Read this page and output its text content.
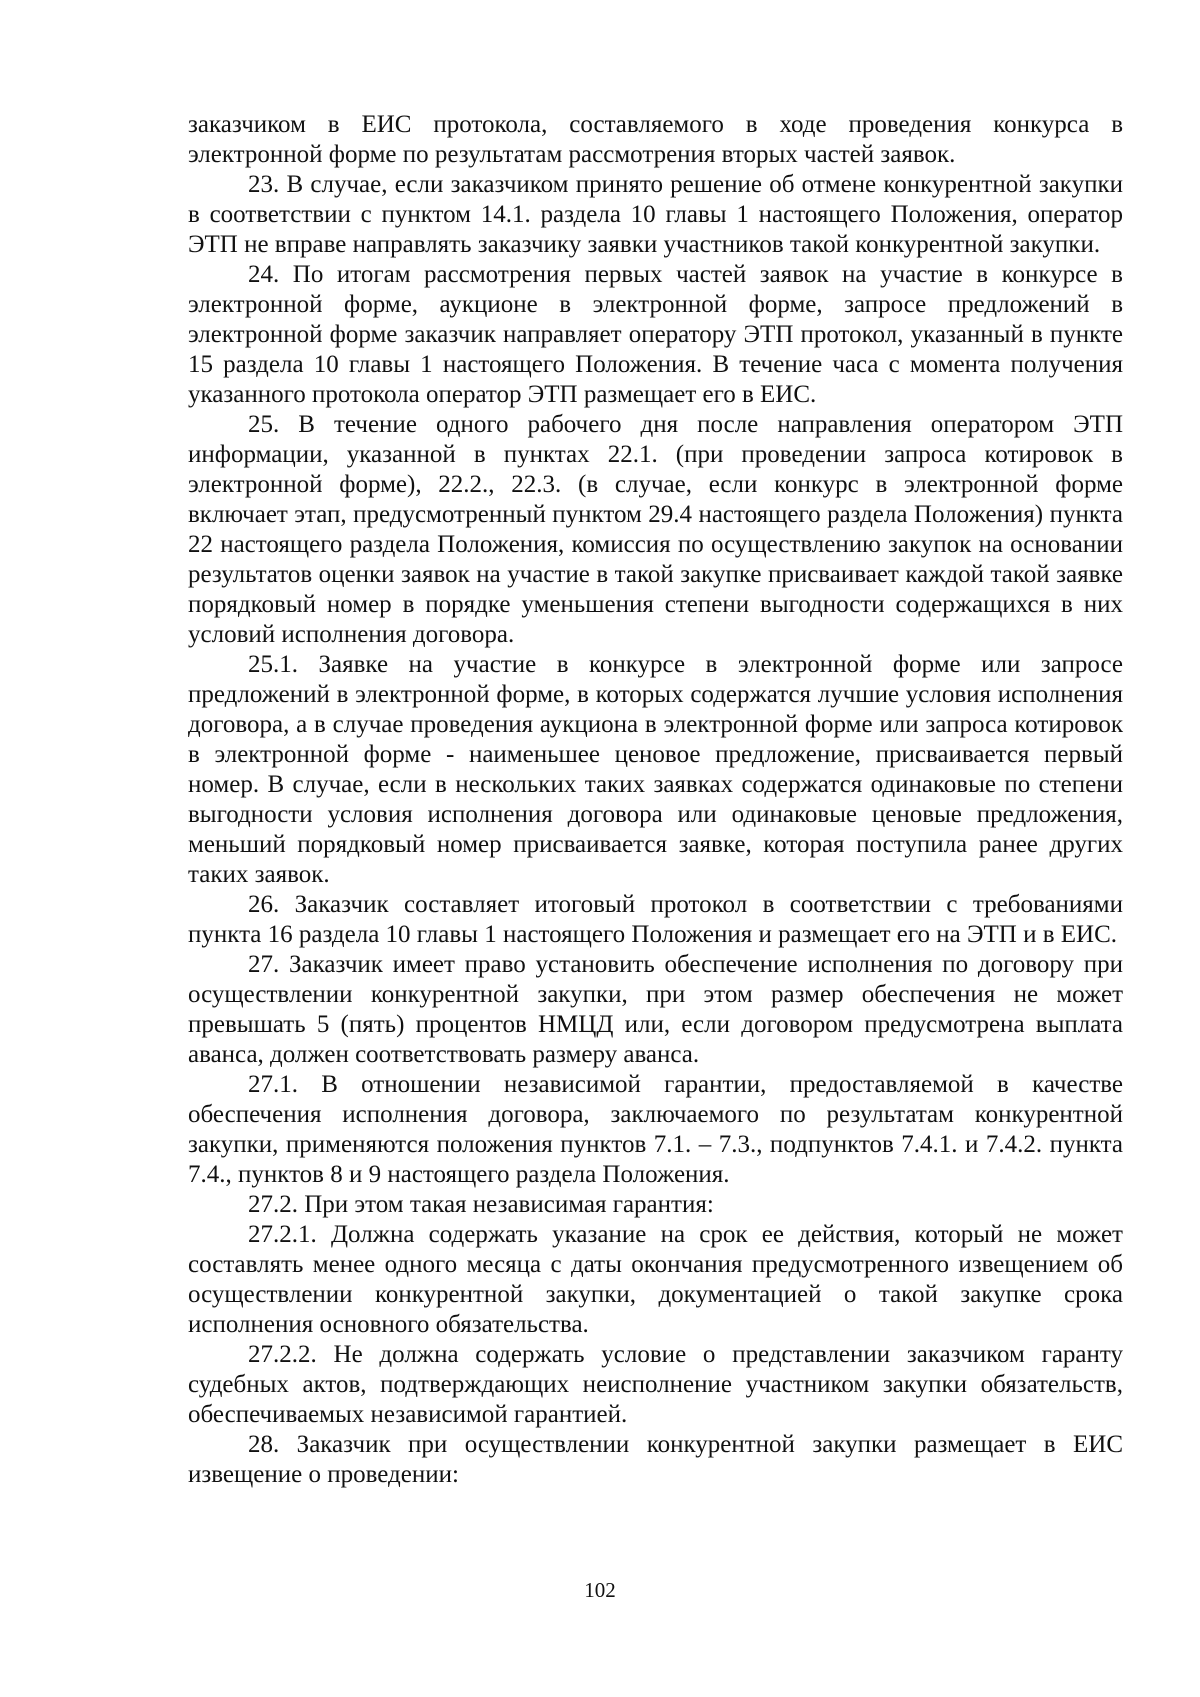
заказчиком в ЕИС протокола, составляемого в ходе проведения конкурса в электронной форме по результатам рассмотрения вторых частей заявок.

23. В случае, если заказчиком принято решение об отмене конкурентной закупки в соответствии с пунктом 14.1. раздела 10 главы 1 настоящего Положения, оператор ЭТП не вправе направлять заказчику заявки участников такой конкурентной закупки.

24. По итогам рассмотрения первых частей заявок на участие в конкурсе в электронной форме, аукционе в электронной форме, запросе предложений в электронной форме заказчик направляет оператору ЭТП протокол, указанный в пункте 15 раздела 10 главы 1 настоящего Положения. В течение часа с момента получения указанного протокола оператор ЭТП размещает его в ЕИС.

25. В течение одного рабочего дня после направления оператором ЭТП информации, указанной в пунктах 22.1. (при проведении запроса котировок в электронной форме), 22.2., 22.3. (в случае, если конкурс в электронной форме включает этап, предусмотренный пунктом 29.4 настоящего раздела Положения) пункта 22 настоящего раздела Положения, комиссия по осуществлению закупок на основании результатов оценки заявок на участие в такой закупке присваивает каждой такой заявке порядковый номер в порядке уменьшения степени выгодности содержащихся в них условий исполнения договора.

25.1. Заявке на участие в конкурсе в электронной форме или запросе предложений в электронной форме, в которых содержатся лучшие условия исполнения договора, а в случае проведения аукциона в электронной форме или запроса котировок в электронной форме - наименьшее ценовое предложение, присваивается первый номер. В случае, если в нескольких таких заявках содержатся одинаковые по степени выгодности условия исполнения договора или одинаковые ценовые предложения, меньший порядковый номер присваивается заявке, которая поступила ранее других таких заявок.

26. Заказчик составляет итоговый протокол в соответствии с требованиями пункта 16 раздела 10 главы 1 настоящего Положения и размещает его на ЭТП и в ЕИС.

27. Заказчик имеет право установить обеспечение исполнения по договору при осуществлении конкурентной закупки, при этом размер обеспечения не может превышать 5 (пять) процентов НМЦД или, если договором предусмотрена выплата аванса, должен соответствовать размеру аванса.

27.1. В отношении независимой гарантии, предоставляемой в качестве обеспечения исполнения договора, заключаемого по результатам конкурентной закупки, применяются положения пунктов 7.1. – 7.3., подпунктов 7.4.1. и 7.4.2. пункта 7.4., пунктов 8 и 9 настоящего раздела Положения.

27.2. При этом такая независимая гарантия:

27.2.1. Должна содержать указание на срок ее действия, который не может составлять менее одного месяца с даты окончания предусмотренного извещением об осуществлении конкурентной закупки, документацией о такой закупке срока исполнения основного обязательства.

27.2.2. Не должна содержать условие о представлении заказчиком гаранту судебных актов, подтверждающих неисполнение участником закупки обязательств, обеспечиваемых независимой гарантией.

28. Заказчик при осуществлении конкурентной закупки размещает в ЕИС извещение о проведении:

102
